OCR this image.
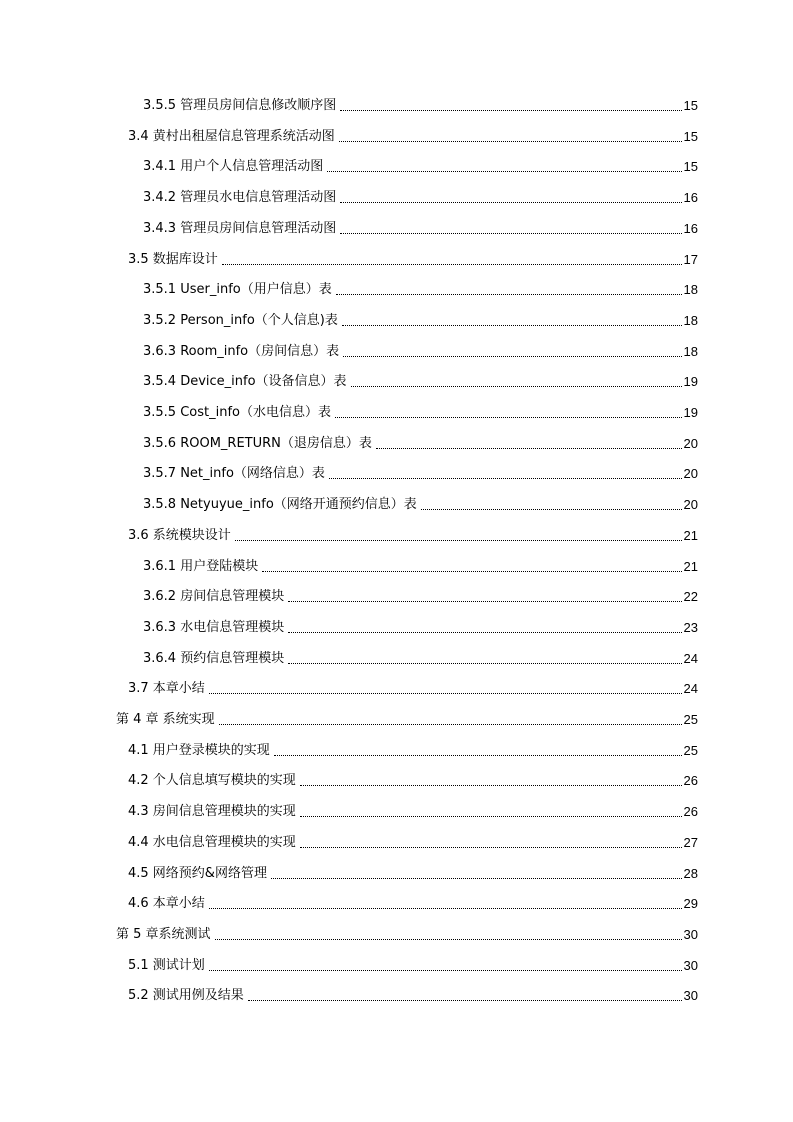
3.5.5 管理员房间信息修改顺序图	15
3.4 黄村出租屋信息管理系统活动图	15
3.4.1 用户个人信息管理活动图	15
3.4.2 管理员水电信息管理活动图	16
3.4.3 管理员房间信息管理活动图	16
3.5 数据库设计	17
3.5.1 User_info（用户信息）表	18
3.5.2 Person_info（个人信息)表	18
3.6.3 Room_info（房间信息）表	18
3.5.4 Device_info（设备信息）表	19
3.5.5 Cost_info（水电信息）表	19
3.5.6 ROOM_RETURN（退房信息）表	20
3.5.7 Net_info（网络信息）表	20
3.5.8 Netyuyue_info（网络开通预约信息）表	20
3.6 系统模块设计	21
3.6.1 用户登陆模块	21
3.6.2 房间信息管理模块	22
3.6.3 水电信息管理模块	23
3.6.4 预约信息管理模块	24
3.7 本章小结	24
第 4 章 系统实现	25
4.1 用户登录模块的实现	25
4.2 个人信息填写模块的实现	26
4.3 房间信息管理模块的实现	26
4.4 水电信息管理模块的实现	27
4.5 网络预约&网络管理	28
4.6 本章小结	29
第 5 章系统测试	30
5.1 测试计划	30
5.2 测试用例及结果	30
